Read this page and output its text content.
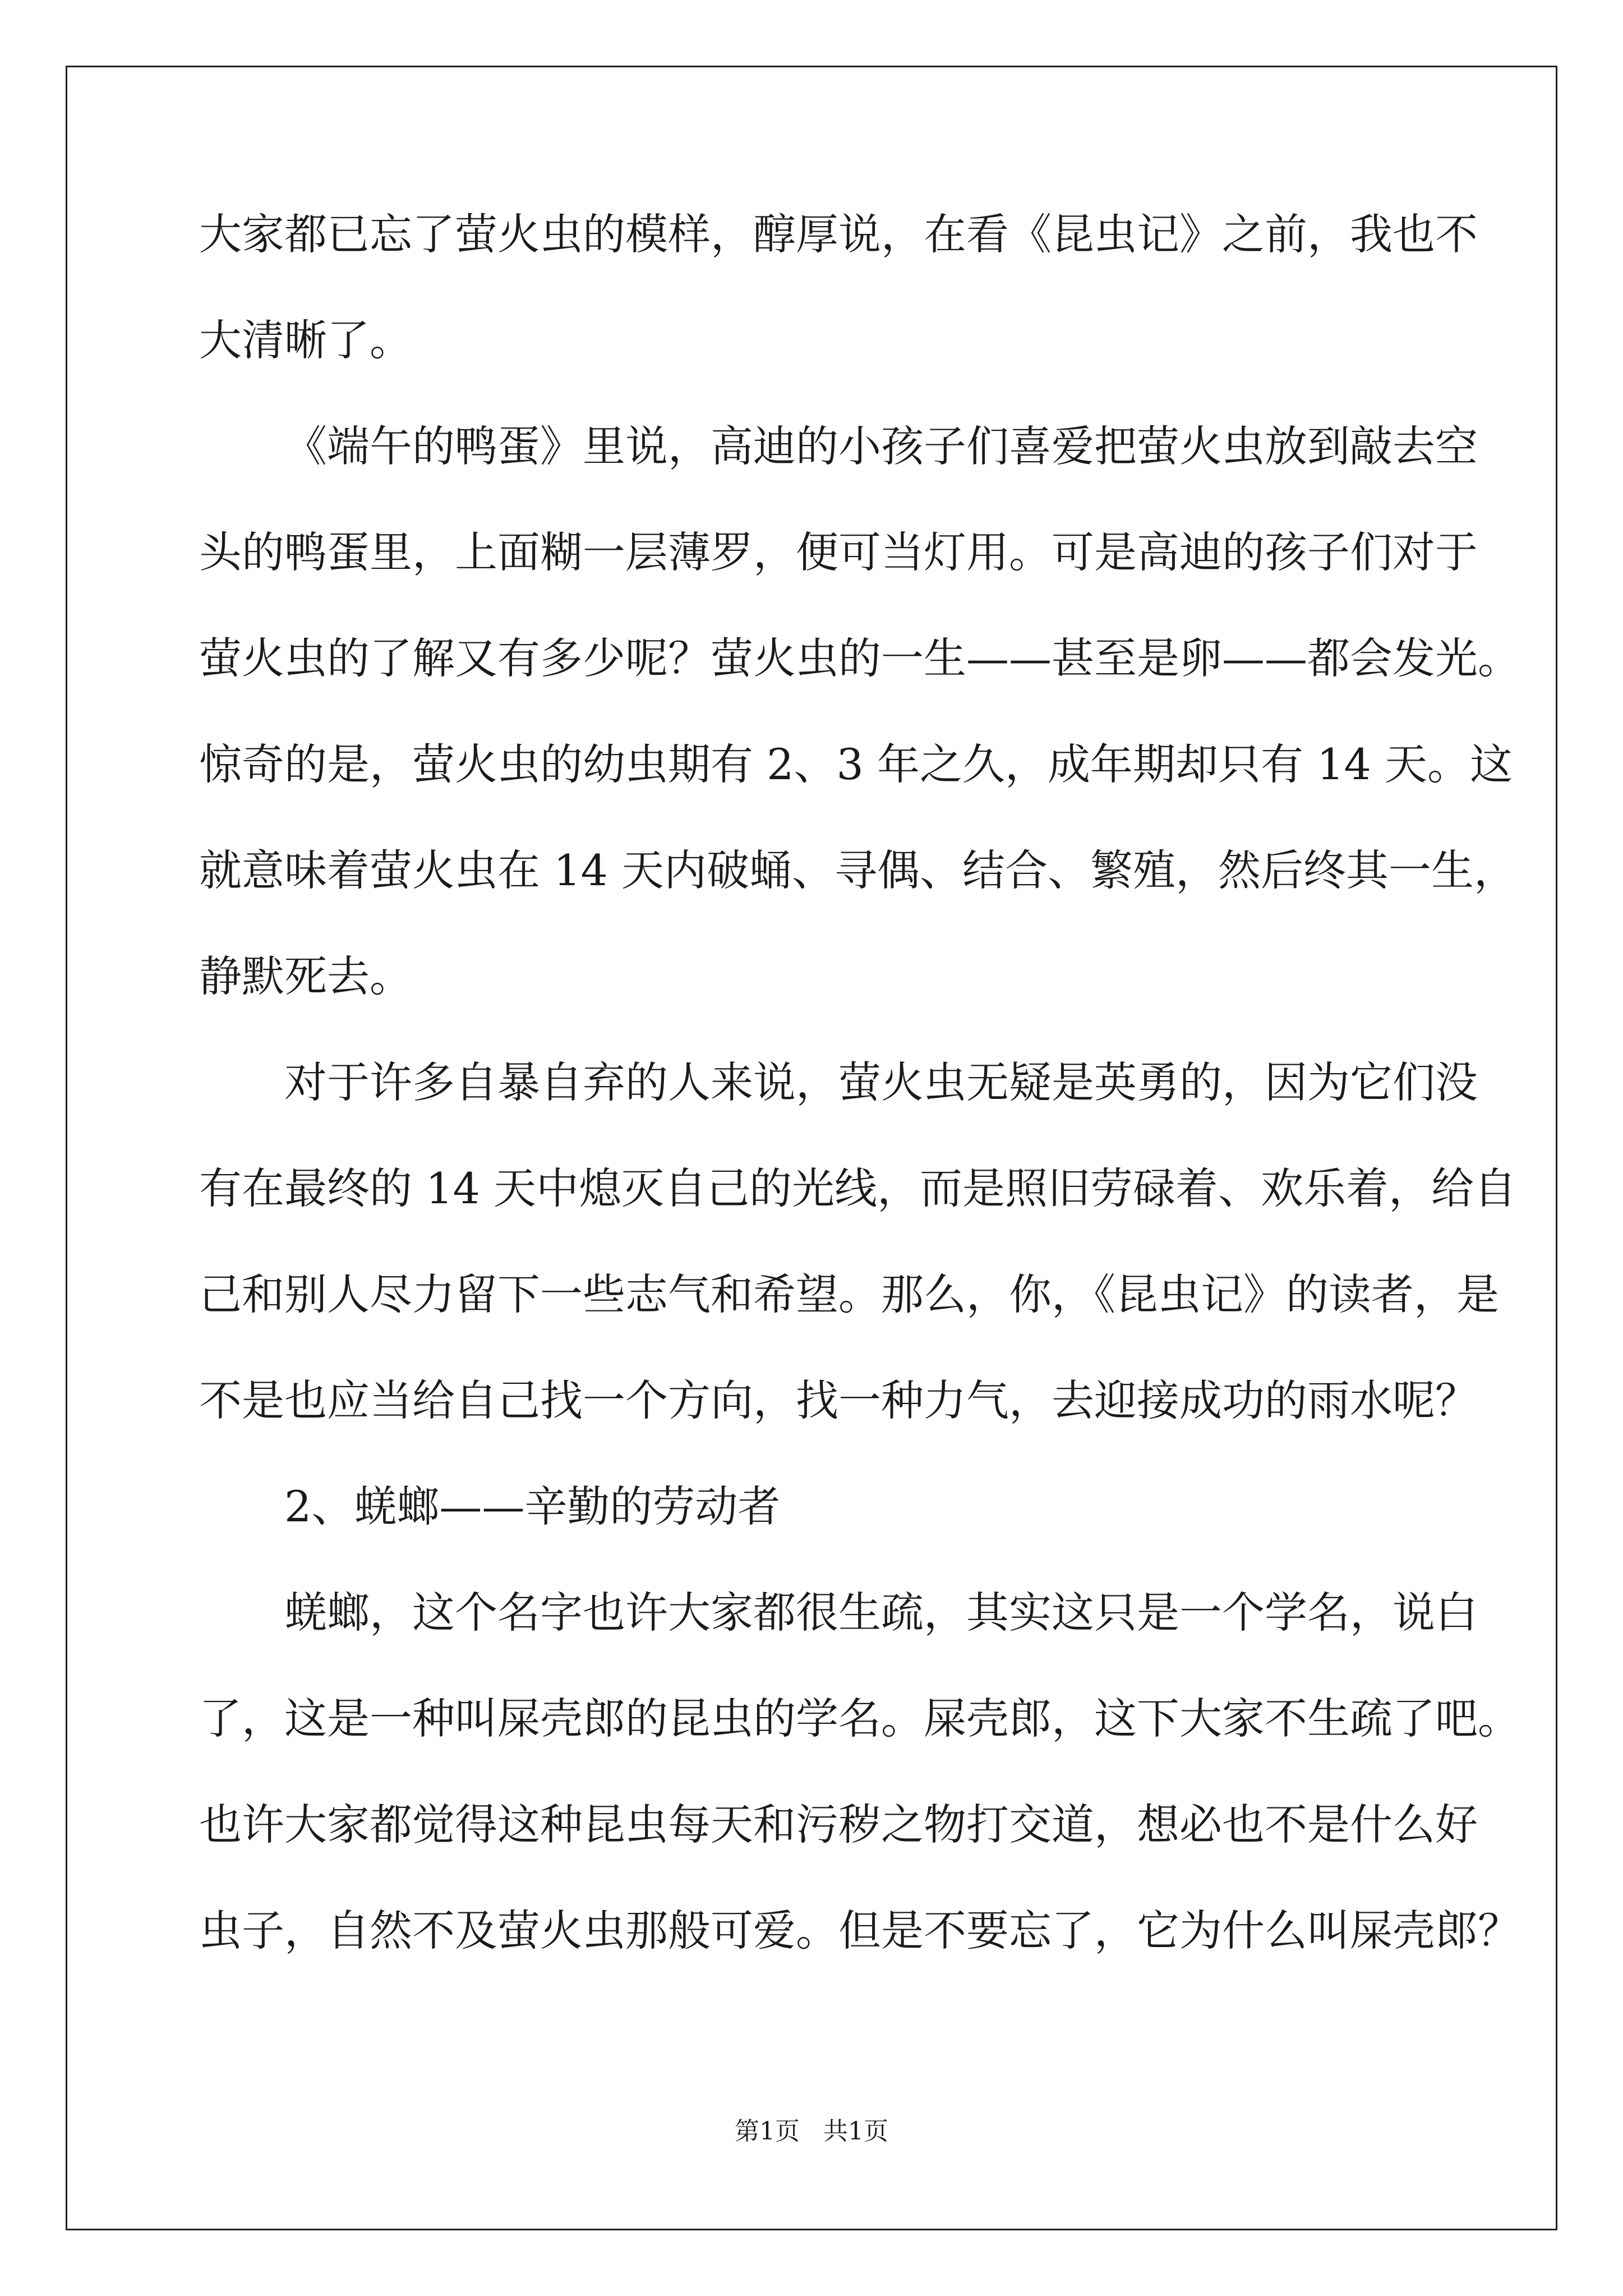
大家都已忘了萤火虫的模样，醇厚说，在看《昆虫记》之前，我也不
大清晰了。
《端午的鸭蛋》里说，高迪的小孩子们喜爱把萤火虫放到敲去空
头的鸭蛋里，上面糊一层薄罗，便可当灯用。可是高迪的孩子们对于
萤火虫的了解又有多少呢？萤火虫的一生——甚至是卵——都会发光。
惊奇的是，萤火虫的幼虫期有 2、3 年之久，成年期却只有 14 天。这
就意味着萤火虫在 14 天内破蛹、寻偶、结合、繁殖，然后终其一生，
静默死去。
对于许多自暴自弃的人来说，萤火虫无疑是英勇的，因为它们没
有在最终的 14 天中熄灭自己的光线，而是照旧劳碌着、欢乐着，给自
己和别人尽力留下一些志气和希望。那么，你，《昆虫记》的读者，是
不是也应当给自己找一个方向，找一种力气，去迎接成功的雨水呢？
2、蜣螂——辛勤的劳动者
蜣螂，这个名字也许大家都很生疏，其实这只是一个学名，说白
了，这是一种叫屎壳郎的昆虫的学名。屎壳郎，这下大家不生疏了吧。
也许大家都觉得这种昆虫每天和污秽之物打交道，想必也不是什么好
虫子，自然不及萤火虫那般可爱。但是不要忘了，它为什么叫屎壳郎？
第1页   共1页
